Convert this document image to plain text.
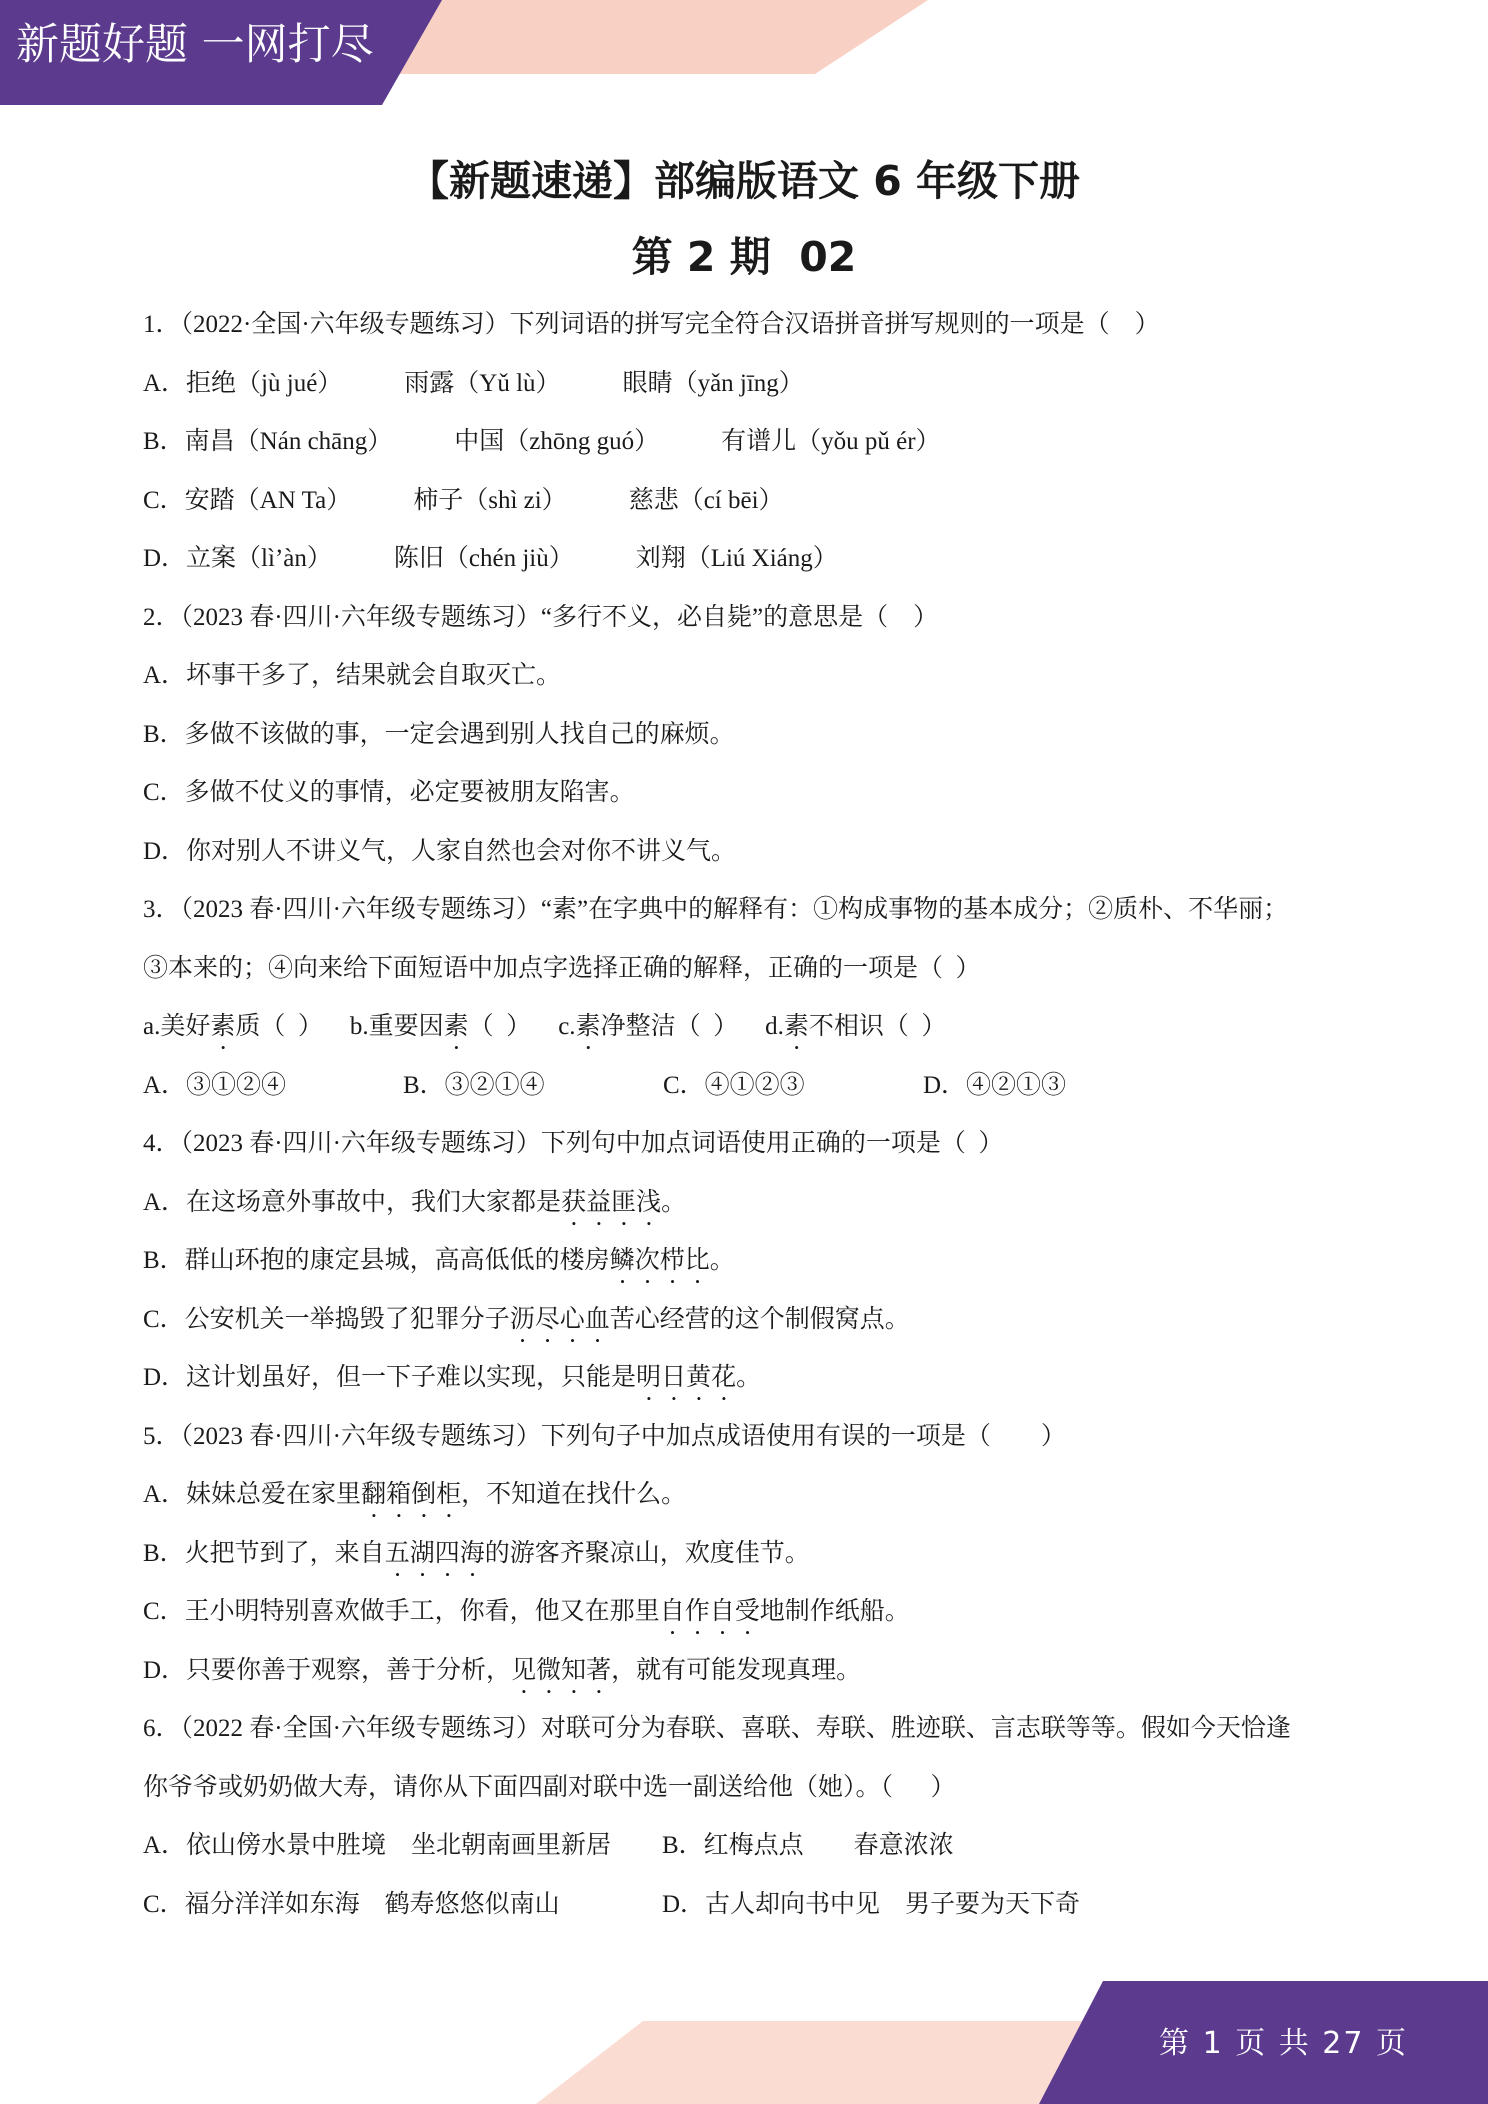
新题好题 一网打尽
【新题速递】部编版语文 6 年级下册
第 2 期  02
1．（2022·全国·六年级专题练习）下列词语的拼写完全符合汉语拼音拼写规则的一项是（    ）
A．拒绝（jù jué） 雨露（Yǔ lù） 眼睛（yǎn jīng）
B．南昌（Nán chāng） 中国（zhōng guó） 有谱儿（yǒu pǔ ér）
C．安踏（AN Ta） 柿子（shì zi） 慈悲（cí bēi）
D．立案（lì’àn） 陈旧（chén jiù） 刘翔（Liú Xiáng）
2．（2023 春·四川·六年级专题练习）“多行不义，必自毙”的意思是（    ）
A．坏事干多了，结果就会自取灭亡。
B．多做不该做的事，一定会遇到别人找自己的麻烦。
C．多做不仗义的事情，必定要被朋友陷害。
D．你对别人不讲义气，人家自然也会对你不讲义气。
3．（2023 春·四川·六年级专题练习）“素”在字典中的解释有：①构成事物的基本成分；②质朴、不华丽；
③本来的；④向来给下面短语中加点字选择正确的解释，正确的一项是（  ）
a.美好素质（  ） b.重要因素（  ） c.素净整洁（  ） d.素不相识（  ）
A．③①②④	B．③②①④	C．④①②③	D．④②①③
4．（2023 春·四川·六年级专题练习）下列句中加点词语使用正确的一项是（  ）
A．在这场意外事故中，我们大家都是获益匪浅。
B．群山环抱的康定县城，高高低低的楼房鳞次栉比。
C．公安机关一举捣毁了犯罪分子沥尽心血苦心经营的这个制假窝点。
D．这计划虽好，但一下子难以实现，只能是明日黄花。
5．（2023 春·四川·六年级专题练习）下列句子中加点成语使用有误的一项是（        ）
A．妹妹总爱在家里翻箱倒柜，不知道在找什么。
B．火把节到了，来自五湖四海的游客齐聚凉山，欢度佳节。
C．王小明特别喜欢做手工，你看，他又在那里自作自受地制作纸船。
D．只要你善于观察，善于分析，见微知著，就有可能发现真理。
6．（2022 春·全国·六年级专题练习）对联可分为春联、喜联、寿联、胜迹联、言志联等等。假如今天恰逢
你爷爷或奶奶做大寿，请你从下面四副对联中选一副送给他（她）。（      ）
A．依山傍水景中胜境　坐北朝南画里新居	B．红梅点点　　春意浓浓
C．福分洋洋如东海　鹤寿悠悠似南山	D．古人却向书中见　男子要为天下奇
第 1 页 共 27 页
